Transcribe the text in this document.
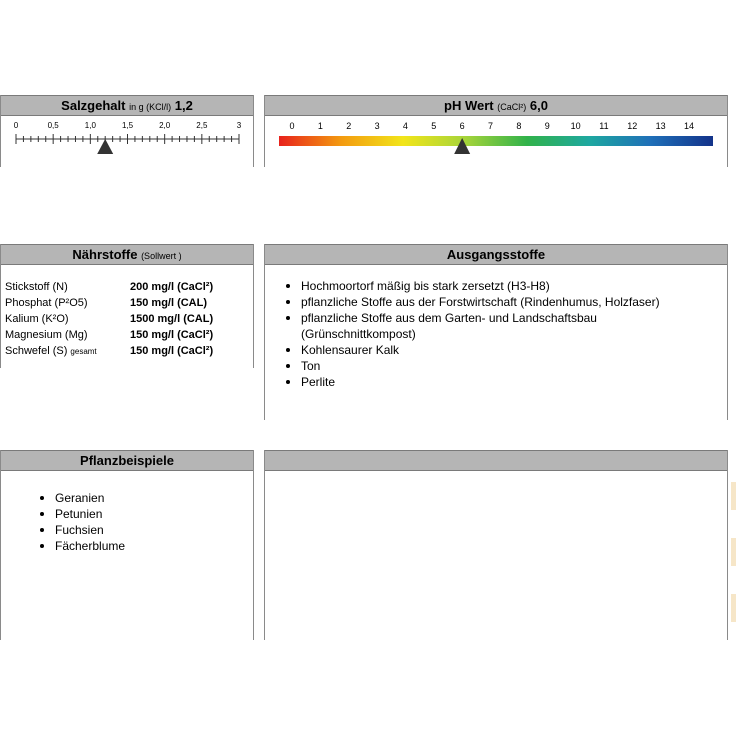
Salzgehalt in g (KCl/l) 1,2
0	0,5	1,0	1,5	2,0	2,5	3
pH Wert (CaCl²) 6,0
0	1	2	3	4	5	6	7	8	9 10 11 12 13 14
Nährstoffe (Sollwert )
Stickstoff (N)	200 mg/l (CaCl²)
Phosphat (P²O5)	150 mg/l (CAL)
Kalium (K²O)	1500 mg/l (CAL)
Magnesium (Mg)	150 mg/l (CaCl²)
Schwefel (S) gesamt	150 mg/l (CaCl²)
Ausgangsstoffe
Hochmoortorf mäßig bis stark zersetzt (H3-H8)
pflanzliche Stoffe aus der Forstwirtschaft (Rindenhumus, Holzfaser)
pflanzliche Stoffe aus dem Garten- und Landschaftsbau (Grünschnittkompost)
Kohlensaurer Kalk
Ton
Perlite
Pflanzbeispiele
Geranien
Petunien
Fuchsien
Fächerblume
